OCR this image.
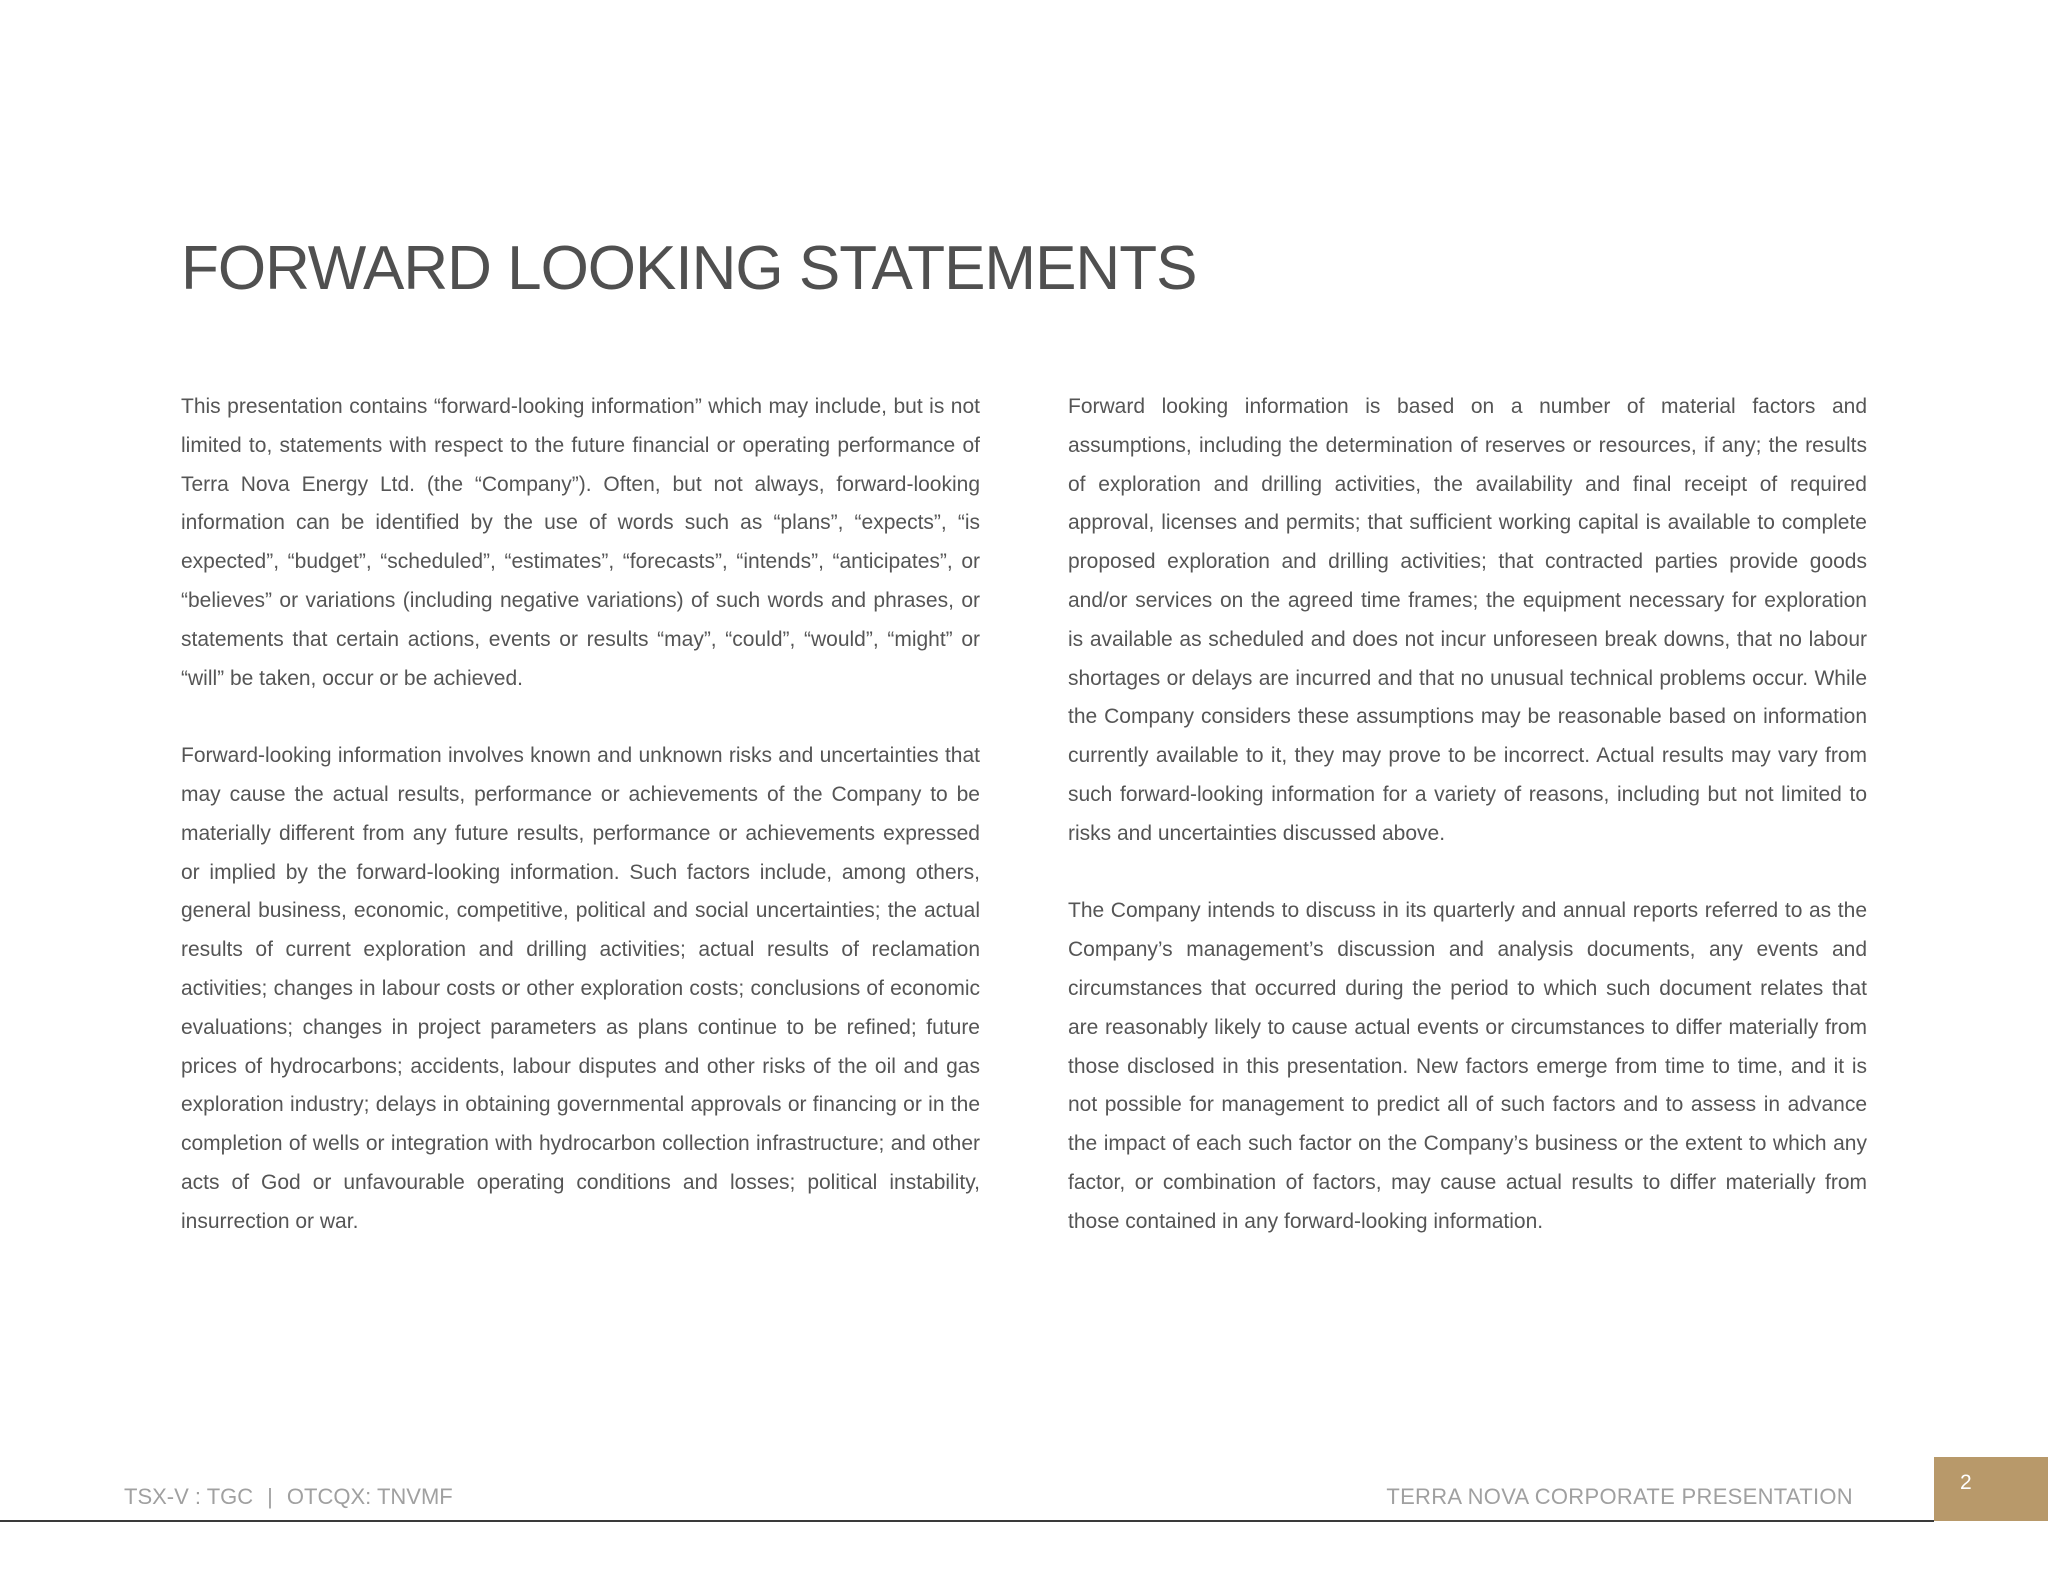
FORWARD LOOKING STATEMENTS

This presentation contains “forward-looking information” which may include, but is not limited to, statements with respect to the future financial or operating performance of Terra Nova Energy Ltd. (the “Company”). Often, but not always, forward-looking information can be identified by the use of words such as “plans”, “expects”, “is expected”, “budget”, “scheduled”, “estimates”, “forecasts”, “intends”, “anticipates”, or “believes” or variations (including negative variations) of such words and phrases, or statements that certain actions, events or results “may”, “could”, “would”, “might” or “will” be taken, occur or be achieved.

Forward-looking information involves known and unknown risks and uncertainties that may cause the actual results, performance or achievements of the Company to be materially different from any future results, performance or achievements expressed or implied by the forward-looking information. Such factors include, among others, general business, economic, competitive, political and social uncertainties; the actual results of current exploration and drilling activities; actual results of reclamation activities; changes in labour costs or other exploration costs; conclusions of economic evaluations; changes in project parameters as plans continue to be refined; future prices of hydrocarbons; accidents, labour disputes and other risks of the oil and gas exploration industry; delays in obtaining governmental approvals or financing or in the completion of wells or integration with hydrocarbon collection infrastructure; and other acts of God or unfavourable operating conditions and losses; political instability, insurrection or war.

Forward looking information is based on a number of material factors and assumptions, including the determination of reserves or resources, if any; the results of exploration and drilling activities, the availability and final receipt of required approval, licenses and permits; that sufficient working capital is available to complete proposed exploration and drilling activities; that contracted parties provide goods and/or services on the agreed time frames; the equipment necessary for exploration is available as scheduled and does not incur unforeseen break downs, that no labour shortages or delays are incurred and that no unusual technical problems occur. While the Company considers these assumptions may be reasonable based on information currently available to it, they may prove to be incorrect. Actual results may vary from such forward-looking information for a variety of reasons, including but not limited to risks and uncertainties discussed above.

The Company intends to discuss in its quarterly and annual reports referred to as the Company’s management’s discussion and analysis documents, any events and circumstances that occurred during the period to which such document relates that are reasonably likely to cause actual events or circumstances to differ materially from those disclosed in this presentation. New factors emerge from time to time, and it is not possible for management to predict all of such factors and to assess in advance the impact of each such factor on the Company’s business or the extent to which any factor, or combination of factors, may cause actual results to differ materially from those contained in any forward-looking information.

TSX-V : TGC | OTCQX: TNVMF	TERRA NOVA CORPORATE PRESENTATION
2
